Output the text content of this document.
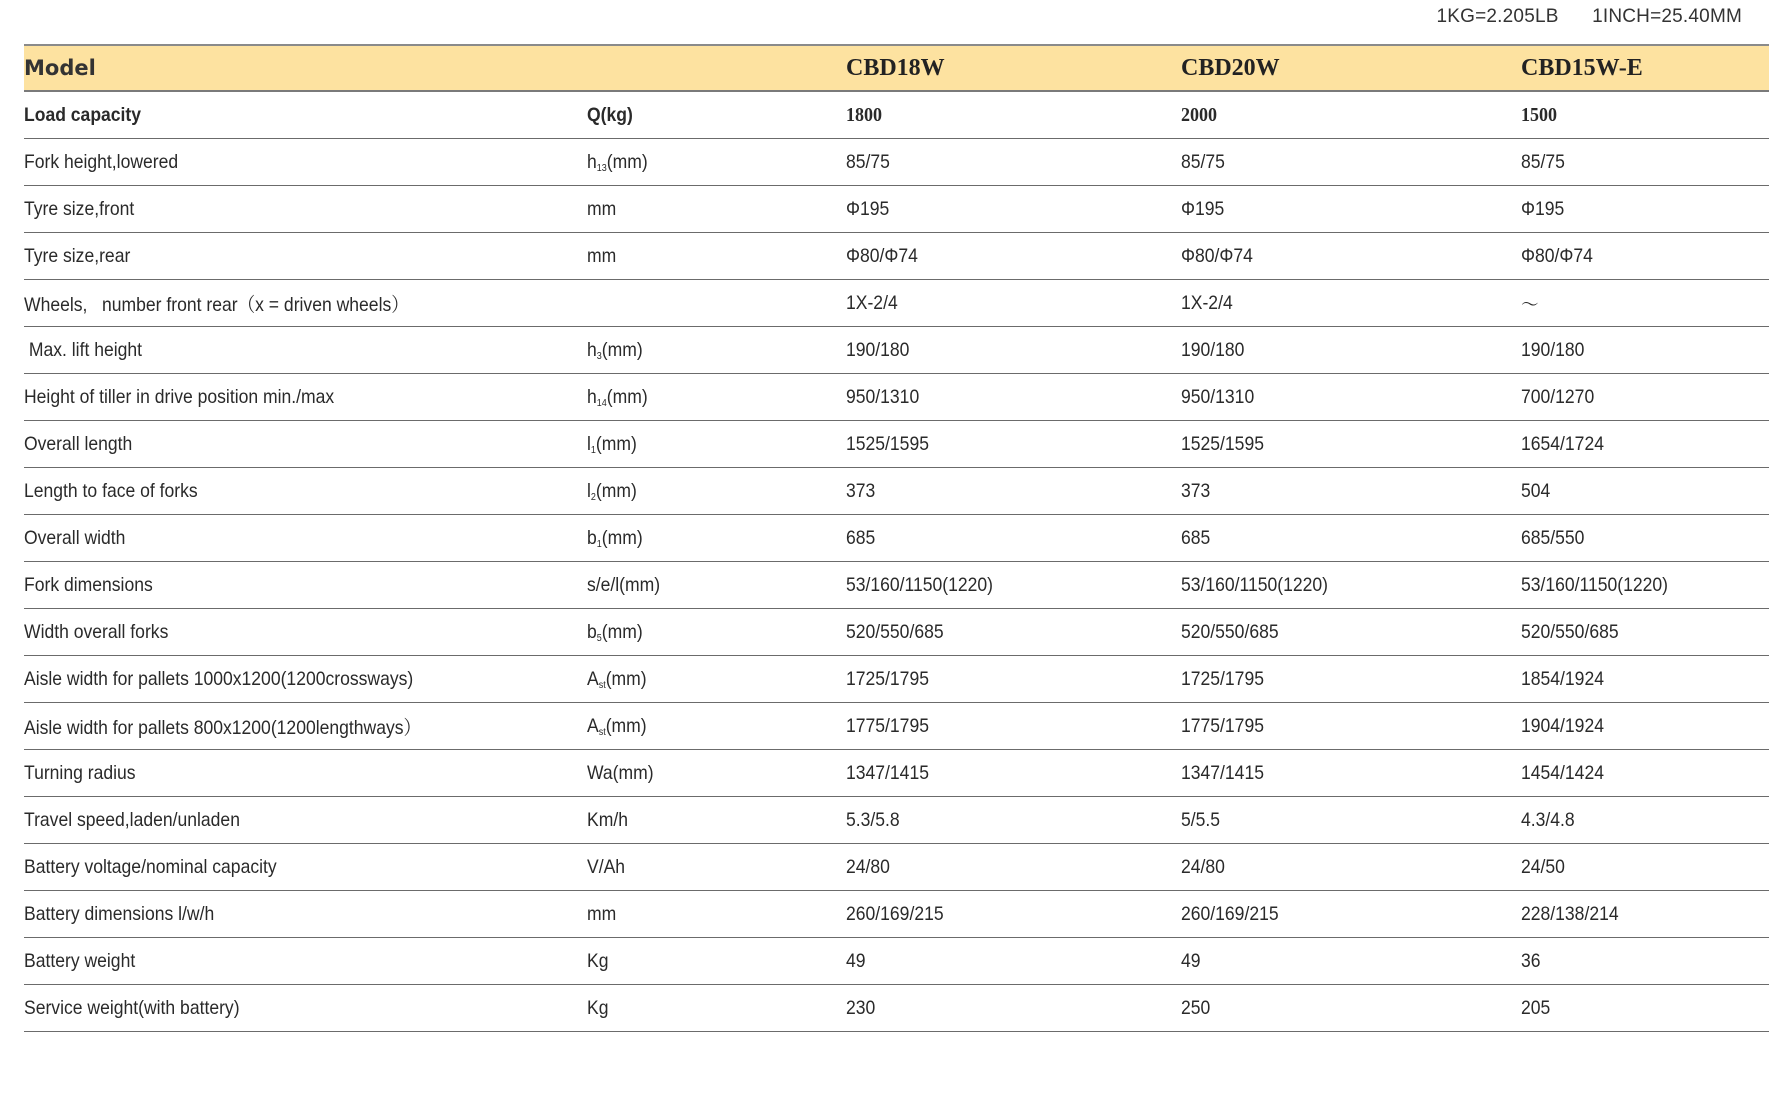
1KG=2.205LB 1INCH=25.40MM
Model		CBD18W	CBD20W	CBD15W-E
Load capacity	Q(kg)	1800	2000	1500
Fork height,lowered	$h_{13}(mm)$	85/75	85/75	85/75
Tyre size,front	mm	Φ195	Φ195	Φ195
Tyre size,rear	mm	Φ80/Φ74	Φ80/Φ74	Φ80/Φ74
Wheels,   number front rear（x = driven wheels）		1X-2/4	1X-2/4	～
Max. lift height	$h_3(mm)$	190/180	190/180	190/180
Height of tiller in drive position min./max	$h_{14}(mm)$	950/1310	950/1310	700/1270
Overall length	$l_1(mm)$	1525/1595	1525/1595	1654/1724
Length to face of forks	$l_2(mm)$	373	373	504
Overall width	$b_1(mm)$	685	685	685/550
Fork dimensions	s/e/l(mm)	53/160/1150(1220)	53/160/1150(1220)	53/160/1150(1220)
Width overall forks	$b_5(mm)$	520/550/685	520/550/685	520/550/685
Aisle width for pallets 1000x1200(1200crossways)	$A_{st}(mm)$	1725/1795	1725/1795	1854/1924
Aisle width for pallets 800x1200(1200lengthways）	$A_{st}(mm)$	1775/1795	1775/1795	1904/1924
Turning radius	Wa(mm)	1347/1415	1347/1415	1454/1424
Travel speed,laden/unladen	Km/h	5.3/5.8	5/5.5	4.3/4.8
Battery voltage/nominal capacity	V/Ah	24/80	24/80	24/50
Battery dimensions l/w/h	mm	260/169/215	260/169/215	228/138/214
Battery weight	Kg	49	49	36
Service weight(with battery)	Kg	230	250	205
